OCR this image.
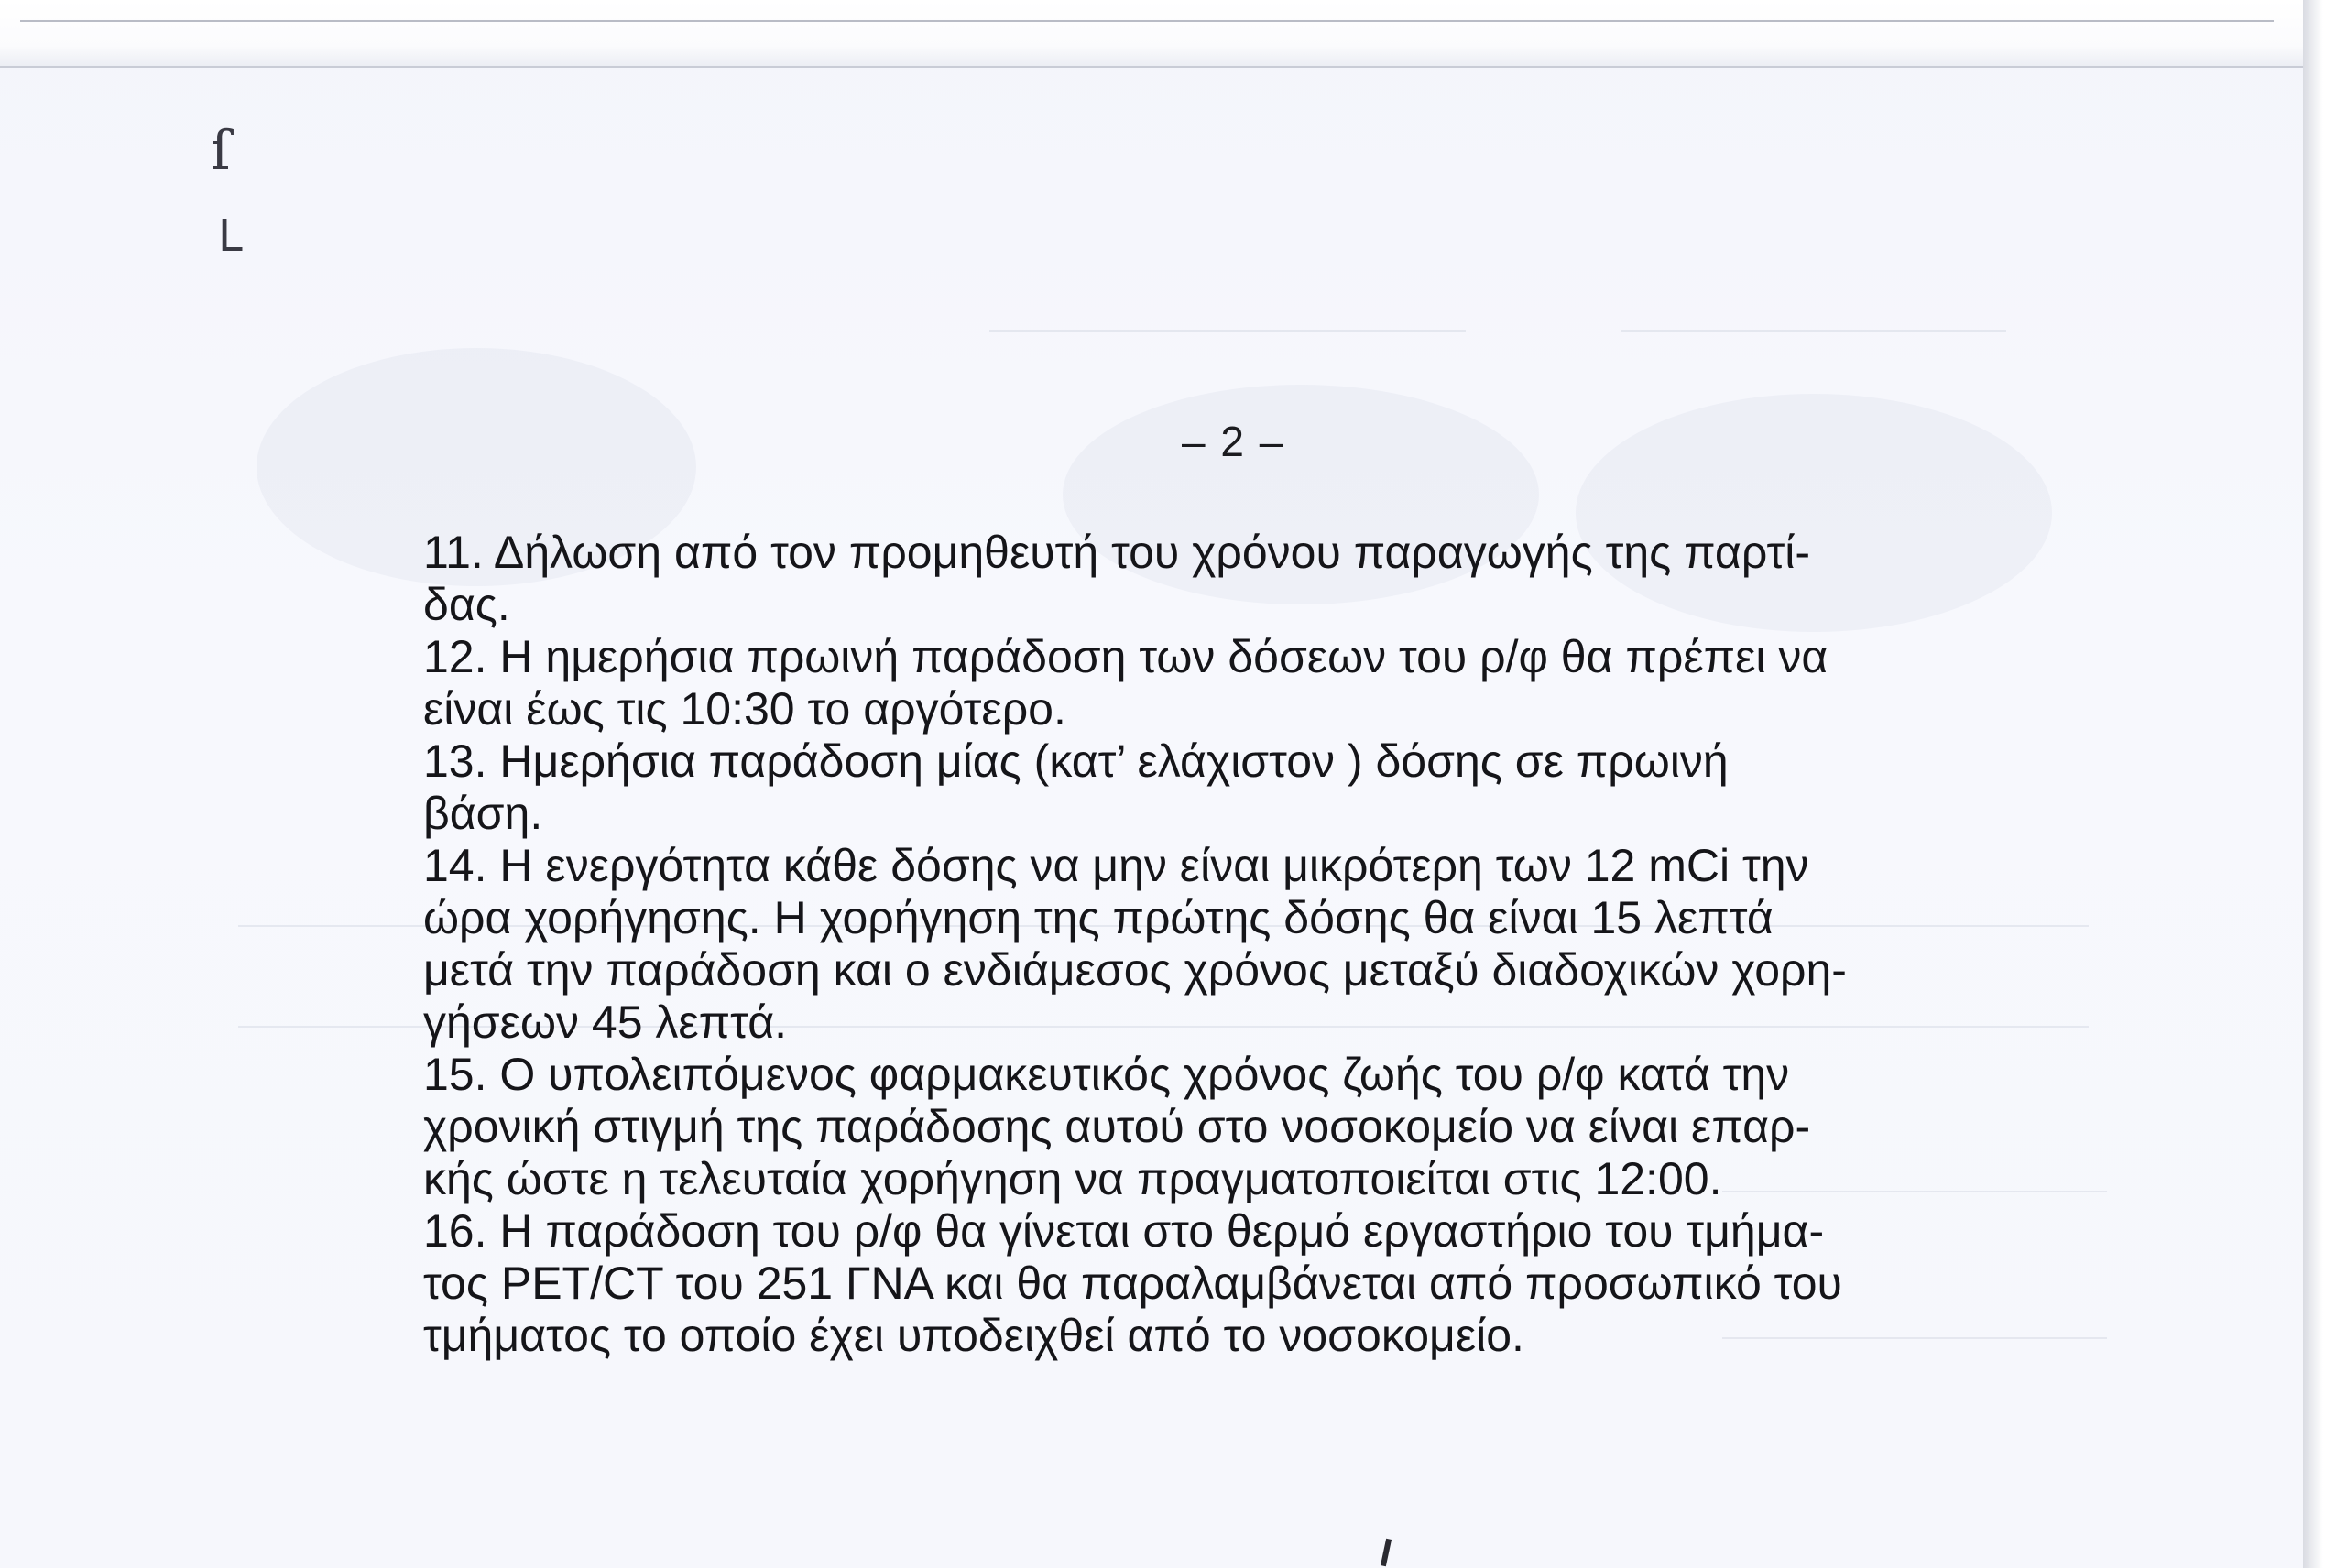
ſ
ᒪ
– 2 –
11. Δήλωση από τον προμηθευτή του χρόνου παραγωγής της παρτί-
δας.
12. Η ημερήσια πρωινή παράδοση των δόσεων του ρ/φ θα πρέπει να
είναι έως τις 10:30 το αργότερο.
13. Ημερήσια παράδοση μίας (κατ’ ελάχιστον ) δόσης σε πρωινή
βάση.
14. Η ενεργότητα κάθε δόσης να μην είναι μικρότερη των 12 mCi την
ώρα χορήγησης. Η χορήγηση της πρώτης δόσης θα είναι 15 λεπτά
μετά την παράδοση και ο ενδιάμεσος χρόνος μεταξύ διαδοχικών χορη-
γήσεων 45 λεπτά.
15. Ο υπολειπόμενος φαρμακευτικός χρόνος ζωής του ρ/φ κατά την
χρονική στιγμή της παράδοσης αυτού στο νοσοκομείο να είναι επαρ-
κής ώστε η τελευταία χορήγηση να πραγματοποιείται στις 12:00.
16. Η παράδοση του ρ/φ θα γίνεται στο θερμό εργαστήριο του τμήμα-
τος PET/CT του 251 ΓΝΑ και θα παραλαμβάνεται από προσωπικό του
τμήματος το οποίο έχει υποδειχθεί από το νοσοκομείο.
